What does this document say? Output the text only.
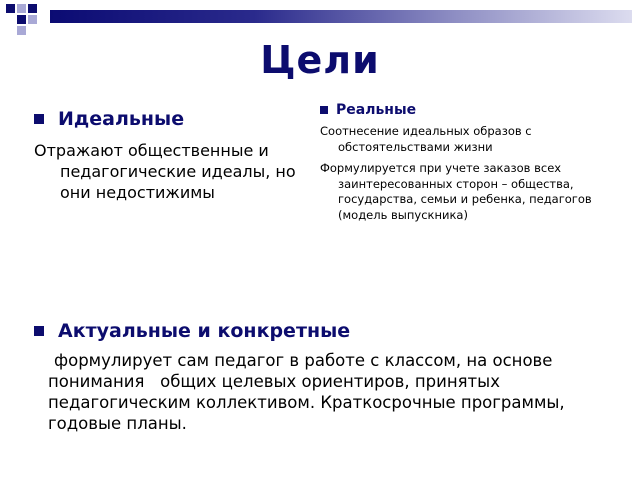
Цели
Идеальные
Отражают общественные и
педагогические идеалы, но они недостижимы
Реальные
Соотнесение идеальных образов с
обстоятельствами жизни
Формулируется при учете заказов всех
заинтересованных сторон – общества, государства, семьи и ребенка, педагогов (модель выпускника)
Актуальные и конкретные
формулирует сам педагог в работе с классом, на основе понимания   общих целевых ориентиров, принятых педагогическим коллективом. Краткосрочные программы, годовые планы.
